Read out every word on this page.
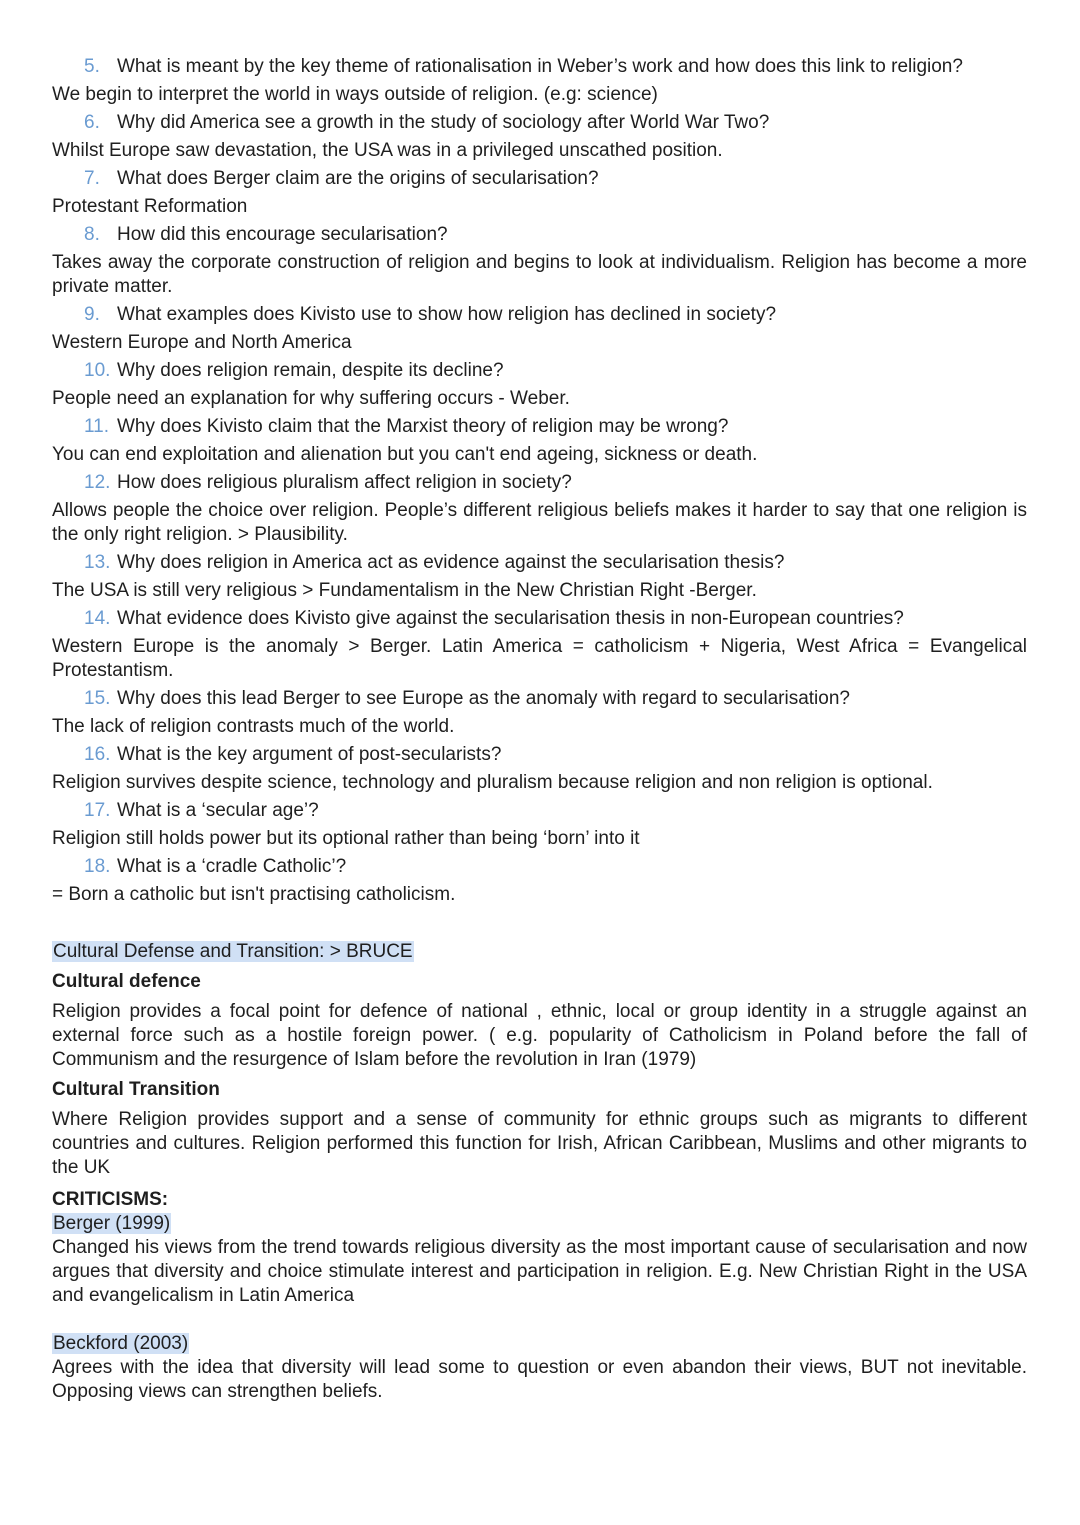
5. What is meant by the key theme of rationalisation in Weber’s work and how does this link to religion?
We begin to interpret the world in ways outside of religion. (e.g: science)
6. Why did America see a growth in the study of sociology after World War Two?
Whilst Europe saw devastation, the USA was in a privileged unscathed position.
7. What does Berger claim are the origins of secularisation?
Protestant Reformation
8. How did this encourage secularisation?
Takes away the corporate construction of religion and begins to look at individualism. Religion has become a more private matter.
9. What examples does Kivisto use to show how religion has declined in society?
Western Europe and North America
10. Why does religion remain, despite its decline?
People need an explanation for why suffering occurs - Weber.
11. Why does Kivisto claim that the Marxist theory of religion may be wrong?
You can end exploitation and alienation but you can't end ageing, sickness or death.
12. How does religious pluralism affect religion in society?
Allows people the choice over religion. People’s different religious beliefs makes it harder to say that one religion is the only right religion. > Plausibility.
13. Why does religion in America act as evidence against the secularisation thesis?
The USA is still very religious > Fundamentalism in the New Christian Right -Berger.
14. What evidence does Kivisto give against the secularisation thesis in non-European countries?
Western Europe is the anomaly > Berger. Latin America = catholicism + Nigeria, West Africa = Evangelical Protestantism.
15. Why does this lead Berger to see Europe as the anomaly with regard to secularisation?
The lack of religion contrasts much of the world.
16. What is the key argument of post-secularists?
Religion survives despite science, technology and pluralism because religion and non religion is optional.
17. What is a ‘secular age’?
Religion still holds power but its optional rather than being ‘born’ into it
18. What is a ‘cradle Catholic’?
= Born a catholic but isn't practising catholicism.
Cultural Defense and Transition: > BRUCE
Cultural defence
Religion provides a focal point for defence of national , ethnic, local or group identity in a struggle against an external force such as a hostile foreign power. ( e.g. popularity of Catholicism in Poland before the fall of Communism and the resurgence of Islam before the revolution in Iran (1979)
Cultural Transition
Where Religion provides support and a sense of community for ethnic groups such as migrants to different countries and cultures. Religion performed this function for Irish, African Caribbean, Muslims and other migrants to the UK
CRITICISMS:
Berger (1999)
Changed his views from the trend towards religious diversity as the most important cause of secularisation and now argues that diversity and choice stimulate interest and participation in religion. E.g. New Christian Right in the USA and evangelicalism in Latin America
Beckford (2003)
Agrees with the idea that diversity will lead some to question or even abandon their views, BUT not inevitable. Opposing views can strengthen beliefs.
